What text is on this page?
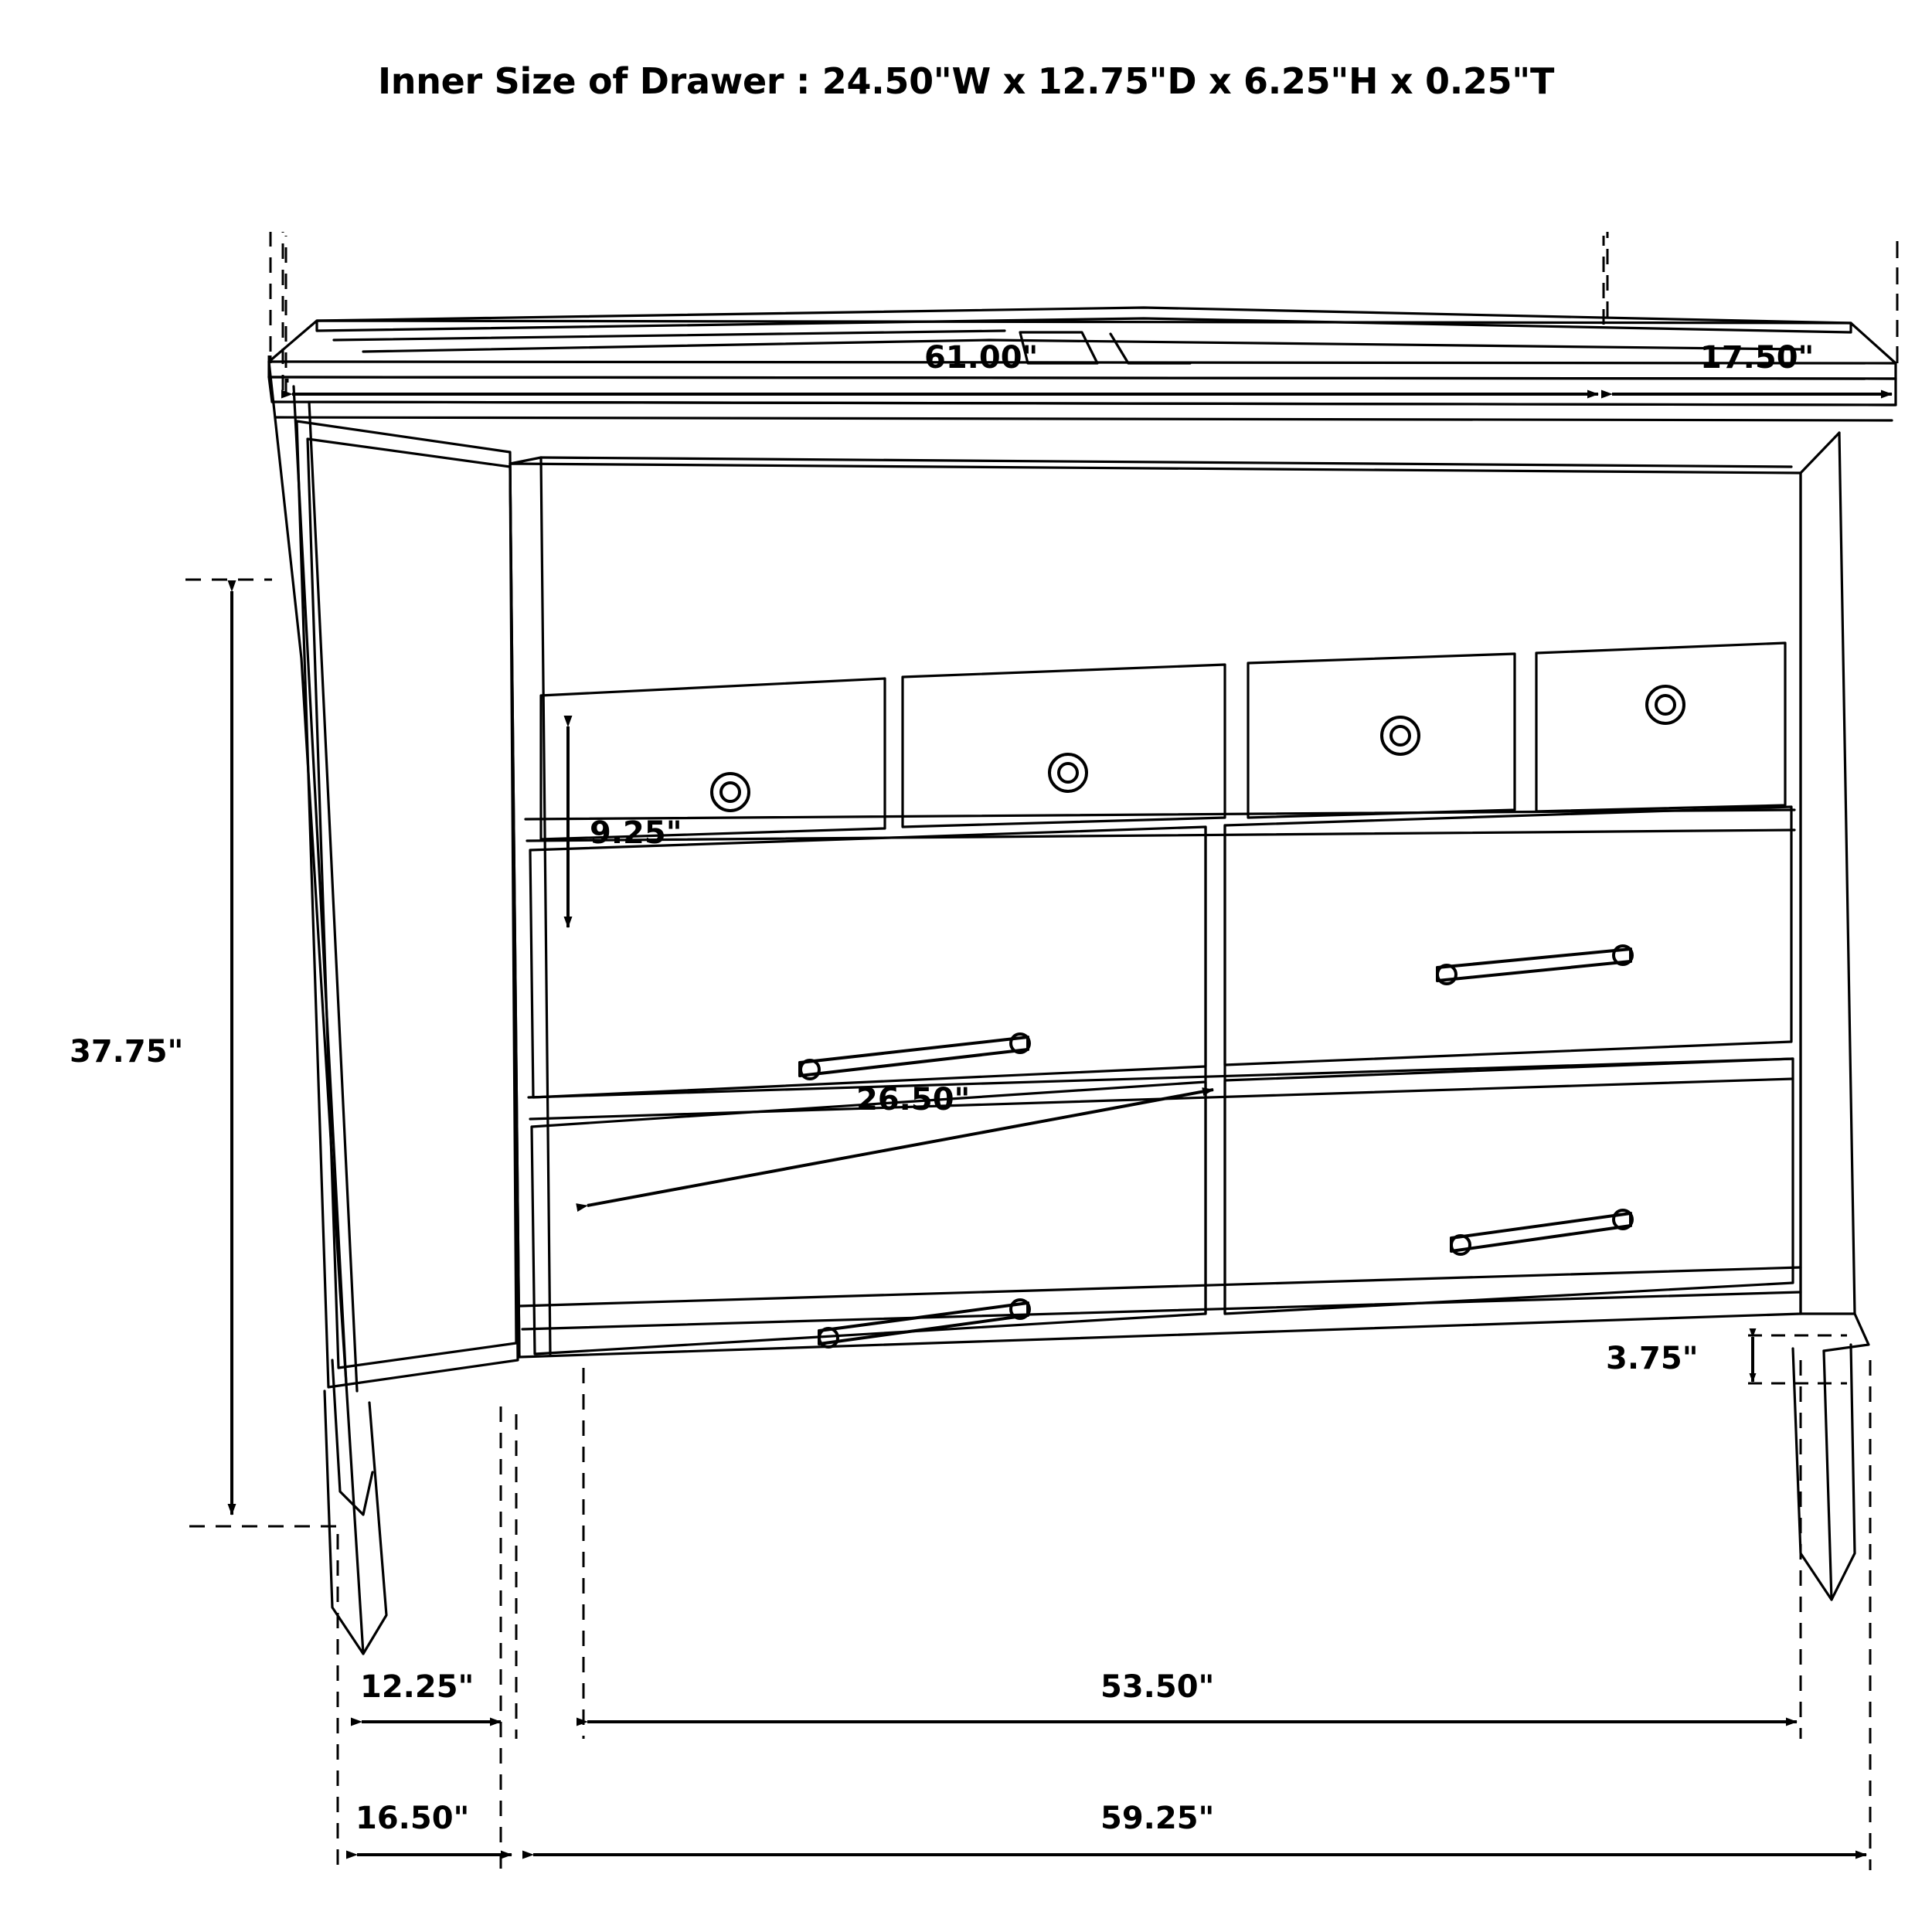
Inner Size of Drawer : 24.50"W x 12.75"D x 6.25"H x 0.25"T
61.00"	17.50"
37.75"
9.25"
26.50"
3.75"
12.25"	53.50"
16.50"	59.25"
